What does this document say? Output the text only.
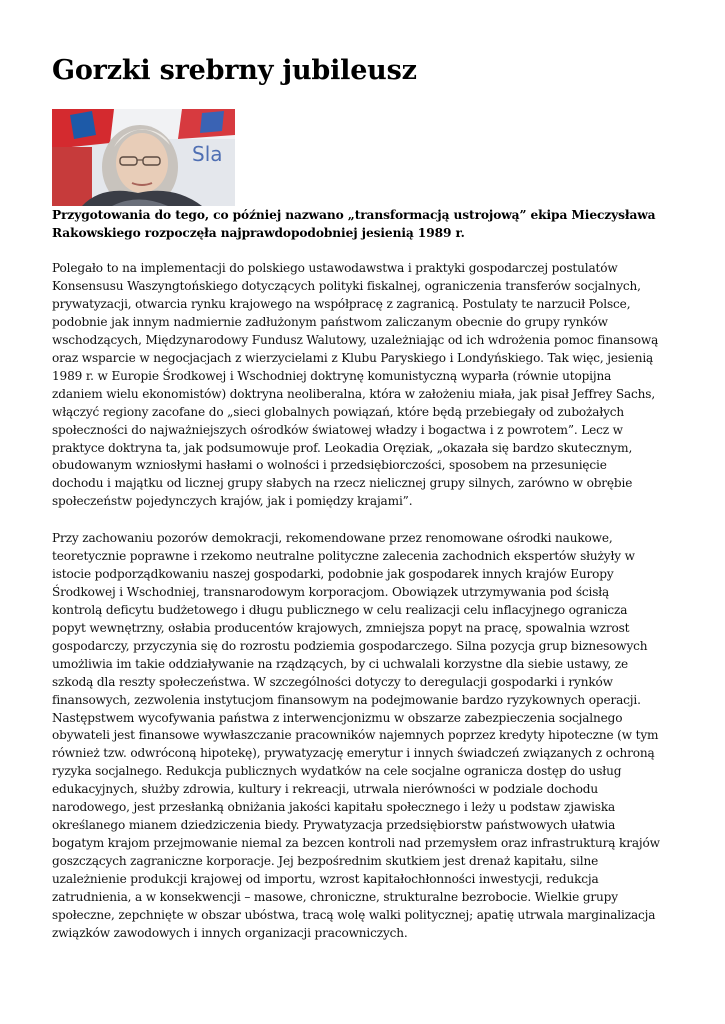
Gorzki srebrny jubileusz
Sla
Przygotowania do tego, co później nazwano „transformacją ustrojową” ekipa Mieczysława
Rakowskiego rozpoczęła najprawdopodobniej jesienią 1989 r.
Polegało to na implementacji do polskiego ustawodawstwa i praktyki gospodarczej postulatów
Konsensusu Waszyngtońskiego dotyczących polityki fiskalnej, ograniczenia transferów socjalnych,
prywatyzacji, otwarcia rynku krajowego na współpracę z zagranicą. Postulaty te narzucił Polsce,
podobnie jak innym nadmiernie zadłużonym państwom zaliczanym obecnie do grupy rynków
wschodzących, Międzynarodowy Fundusz Walutowy, uzależniając od ich wdrożenia pomoc finansową
oraz wsparcie w negocjacjach z wierzycielami z Klubu Paryskiego i Londyńskiego. Tak więc, jesienią
1989 r. w Europie Środkowej i Wschodniej doktrynę komunistyczną wyparła (równie utopijna
zdaniem wielu ekonomistów) doktryna neoliberalna, która w założeniu miała, jak pisał Jeffrey Sachs,
włączyć regiony zacofane do „sieci globalnych powiązań, które będą przebiegały od zubożałych
społeczności do najważniejszych ośrodków światowej władzy i bogactwa i z powrotem”. Lecz w
praktyce doktryna ta, jak podsumowuje prof. Leokadia Oręziak, „okazała się bardzo skutecznym,
obudowanym wzniosłymi hasłami o wolności i przedsiębiorczości, sposobem na przesunięcie
dochodu i majątku od licznej grupy słabych na rzecz nielicznej grupy silnych, zarówno w obrębie
społeczeństw pojedynczych krajów, jak i pomiędzy krajami”.
Przy zachowaniu pozorów demokracji, rekomendowane przez renomowane ośrodki naukowe,
teoretycznie poprawne i rzekomo neutralne polityczne zalecenia zachodnich ekspertów służyły w
istocie podporządkowaniu naszej gospodarki, podobnie jak gospodarek innych krajów Europy
Środkowej i Wschodniej, transnarodowym korporacjom. Obowiązek utrzymywania pod ścisłą
kontrolą deficytu budżetowego i długu publicznego w celu realizacji celu inflacyjnego ogranicza
popyt wewnętrzny, osłabia producentów krajowych, zmniejsza popyt na pracę, spowalnia wzrost
gospodarczy, przyczynia się do rozrostu podziemia gospodarczego. Silna pozycja grup biznesowych
umożliwia im takie oddziaływanie na rządzących, by ci uchwalali korzystne dla siebie ustawy, ze
szkodą dla reszty społeczeństwa. W szczególności dotyczy to deregulacji gospodarki i rynków
finansowych, zezwolenia instytucjom finansowym na podejmowanie bardzo ryzykownych operacji.
Następstwem wycofywania państwa z interwencjonizmu w obszarze zabezpieczenia socjalnego
obywateli jest finansowe wywłaszczanie pracowników najemnych poprzez kredyty hipoteczne (w tym
również tzw. odwróconą hipotekę), prywatyzację emerytur i innych świadczeń związanych z ochroną
ryzyka socjalnego. Redukcja publicznych wydatków na cele socjalne ogranicza dostęp do usług
edukacyjnych, służby zdrowia, kultury i rekreacji, utrwala nierówności w podziale dochodu
narodowego, jest przesłanką obniżania jakości kapitału społecznego i leży u podstaw zjawiska
określanego mianem dziedziczenia biedy. Prywatyzacja przedsiębiorstw państwowych ułatwia
bogatym krajom przejmowanie niemal za bezcen kontroli nad przemysłem oraz infrastrukturą krajów
goszczących zagraniczne korporacje. Jej bezpośrednim skutkiem jest drenaż kapitału, silne
uzależnienie produkcji krajowej od importu, wzrost kapitałochłonności inwestycji, redukcja
zatrudnienia, a w konsekwencji – masowe, chroniczne, strukturalne bezrobocie. Wielkie grupy
społeczne, zepchnięte w obszar ubóstwa, tracą wolę walki politycznej; apatię utrwala marginalizacja
związków zawodowych i innych organizacji pracowniczych.
